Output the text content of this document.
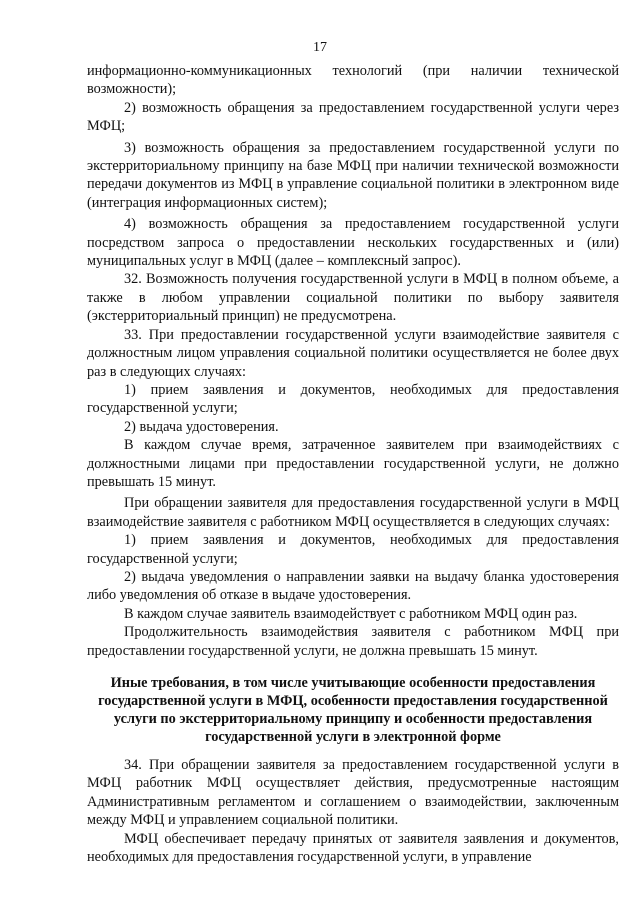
17

информационно-коммуникационных технологий (при наличии технической возможности);

2) возможность обращения за предоставлением государственной услуги через МФЦ;

3) возможность обращения за предоставлением государственной услуги по экстерриториальному принципу на базе МФЦ при наличии технической возможности передачи документов из МФЦ в управление социальной политики в электронном виде (интеграция информационных систем);

4) возможность обращения за предоставлением государственной услуги посредством запроса о предоставлении нескольких государственных и (или) муниципальных услуг в МФЦ (далее – комплексный запрос).

32. Возможность получения государственной услуги в МФЦ в полном объеме, а также в любом управлении социальной политики по выбору заявителя (экстерриториальный принцип) не предусмотрена.

33. При предоставлении государственной услуги взаимодействие заявителя с должностным лицом управления социальной политики осуществляется не более двух раз в следующих случаях:

1) прием заявления и документов, необходимых для предоставления государственной услуги;

2) выдача удостоверения.

В каждом случае время, затраченное заявителем при взаимодействиях с должностными лицами при предоставлении государственной услуги, не должно превышать 15 минут.

При обращении заявителя для предоставления государственной услуги в МФЦ взаимодействие заявителя с работником МФЦ осуществляется в следующих случаях:

1) прием заявления и документов, необходимых для предоставления государственной услуги;

2) выдача уведомления о направлении заявки на выдачу бланка удостоверения либо уведомления об отказе в выдаче удостоверения.

В каждом случае заявитель взаимодействует с работником МФЦ один раз.

Продолжительность взаимодействия заявителя с работником МФЦ при предоставлении государственной услуги, не должна превышать 15 минут.

Иные требования, в том числе учитывающие особенности предоставления государственной услуги в МФЦ, особенности предоставления государственной услуги по экстерриториальному принципу и особенности предоставления государственной услуги в электронной форме

34. При обращении заявителя за предоставлением государственной услуги в МФЦ работник МФЦ осуществляет действия, предусмотренные настоящим Административным регламентом и соглашением о взаимодействии, заключенным между МФЦ и управлением социальной политики.

МФЦ обеспечивает передачу принятых от заявителя заявления и документов, необходимых для предоставления государственной услуги, в управление
